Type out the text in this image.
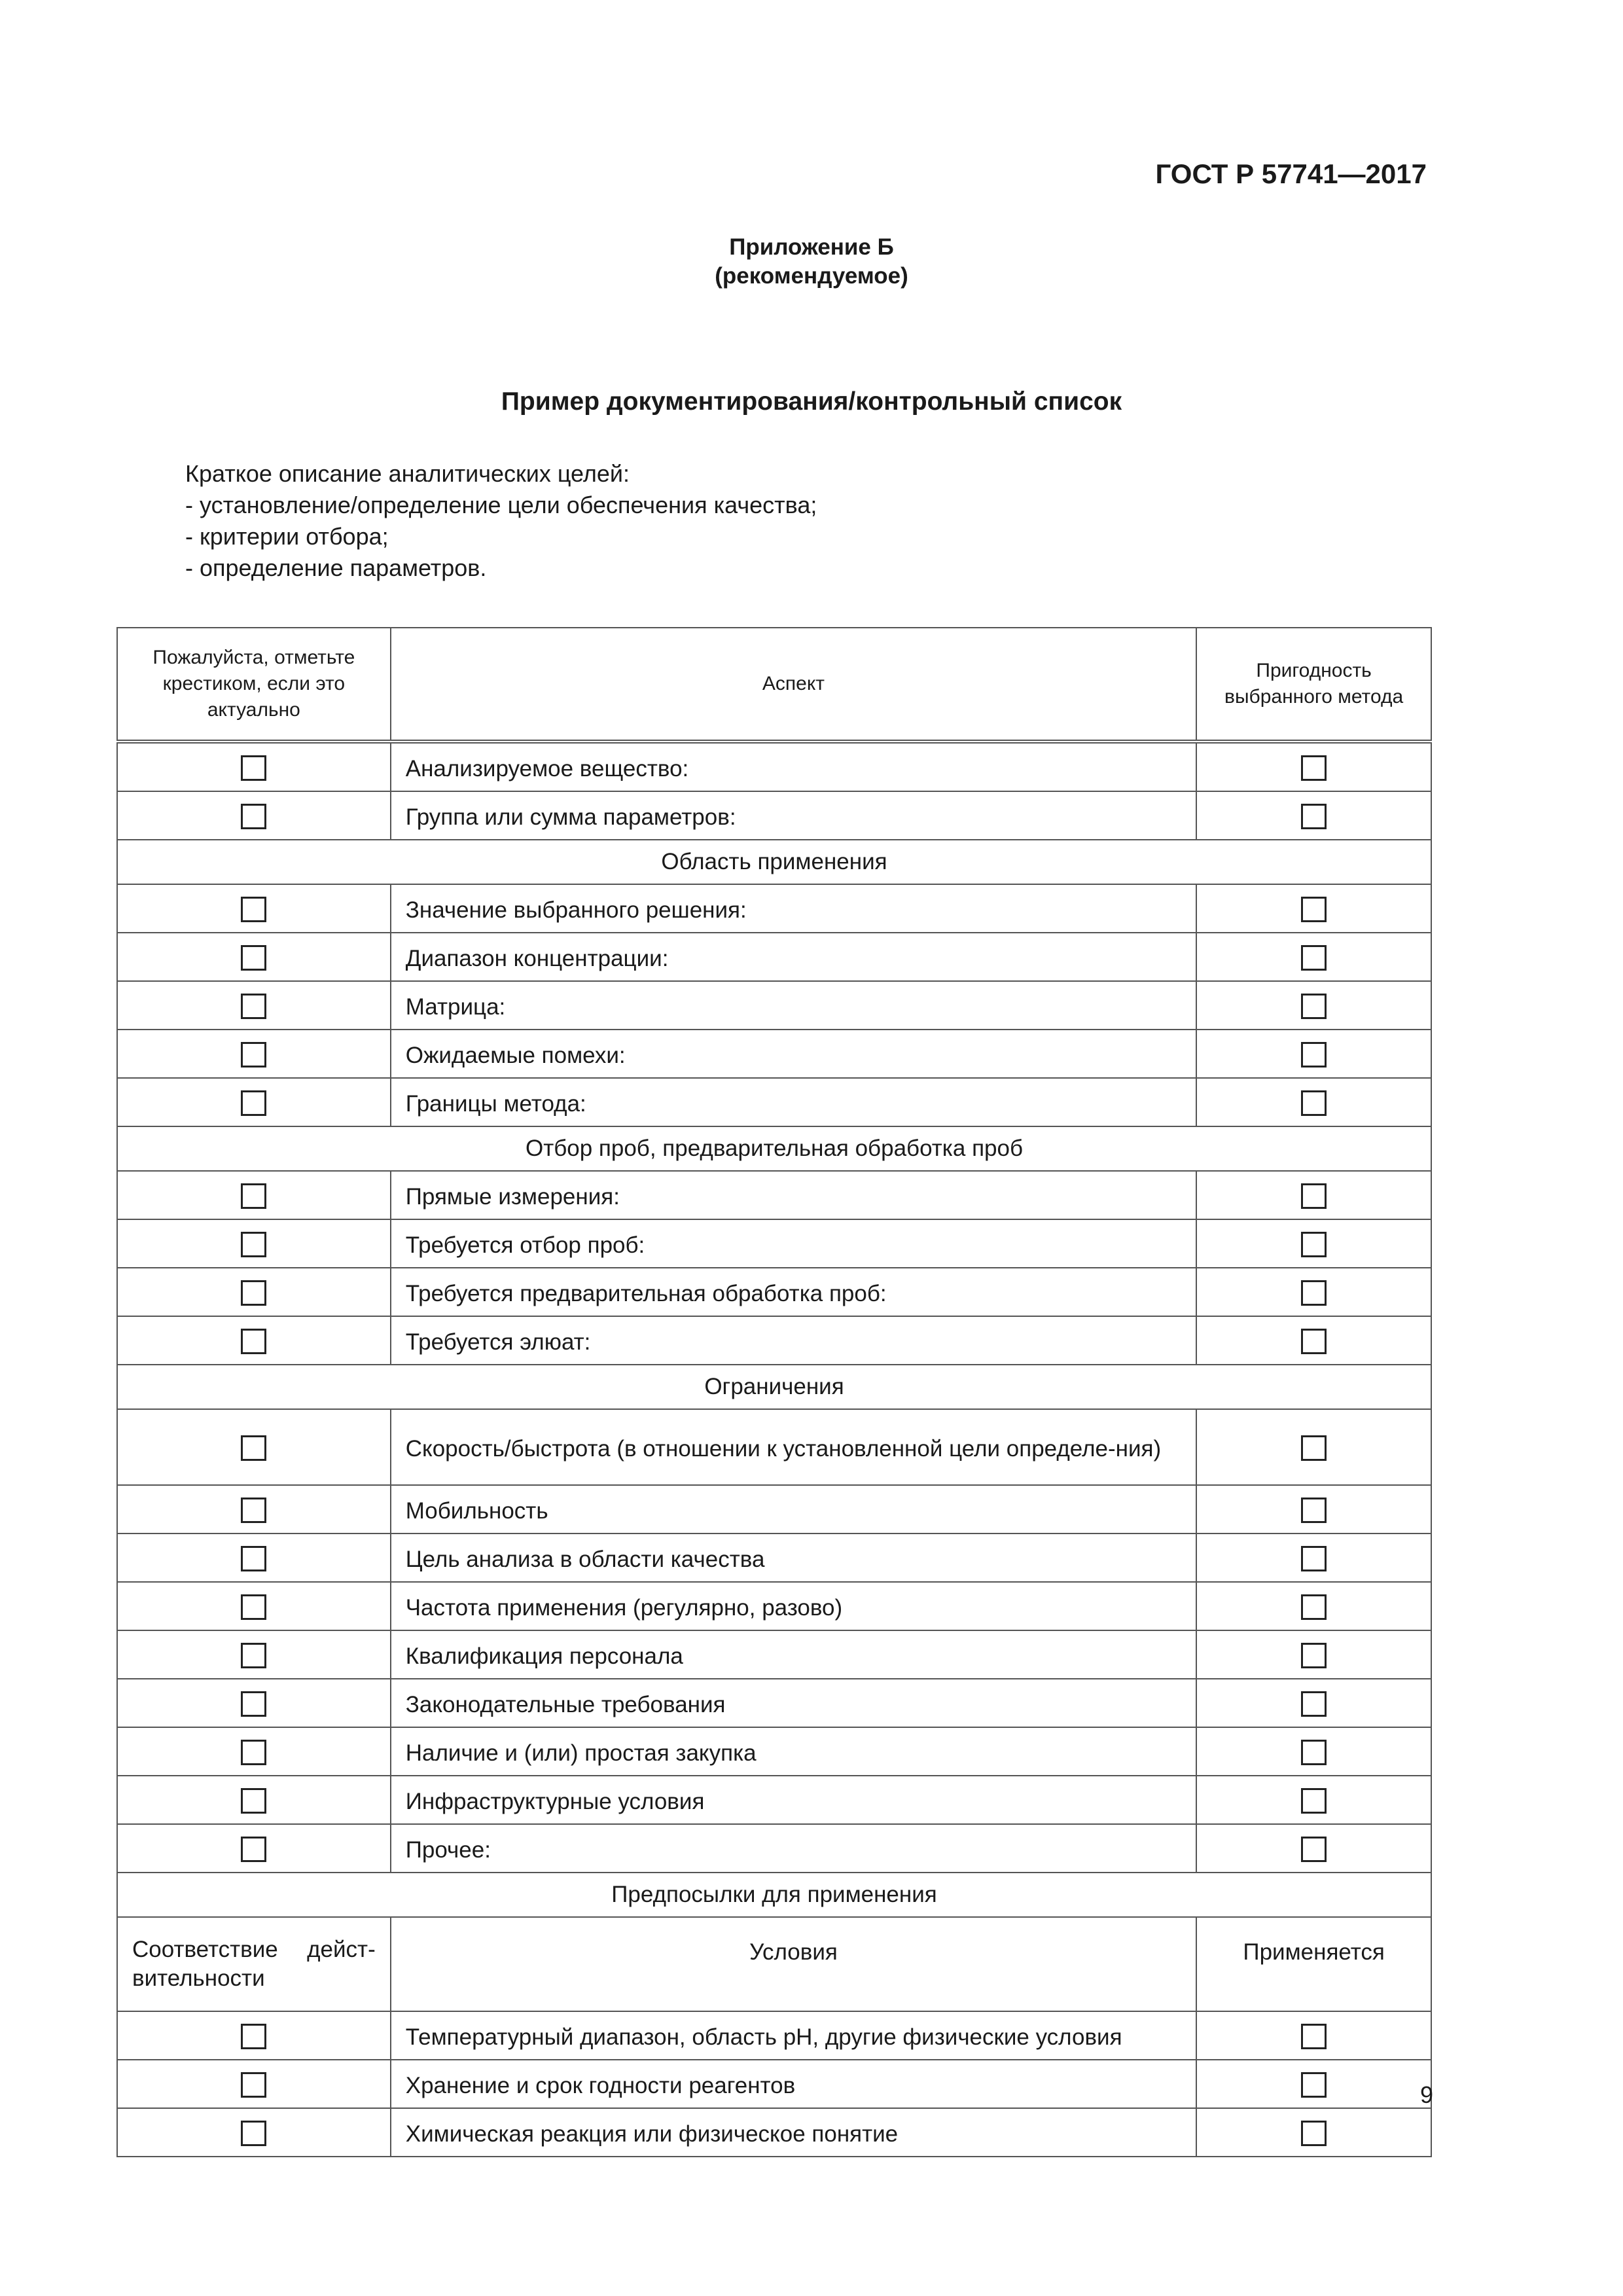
ГОСТ Р 57741—2017
Приложение Б
(рекомендуемое)
Пример документирования/контрольный список
Краткое описание аналитических целей:
- установление/определение цели обеспечения качества;
- критерии отбора;
- определение параметров.
Пожалуйста, отметьте крестиком, если это актуально	Аспект	Пригодность выбранного метода
	Анализируемое вещество:	
	Группа или сумма параметров:	
Область применения		
	Значение выбранного решения:	
	Диапазон концентрации:	
	Матрица:	
	Ожидаемые помехи:	
	Границы метода:	
Отбор проб, предварительная обработка проб		
	Прямые измерения:	
	Требуется отбор проб:	
	Требуется предварительная обработка проб:	
	Требуется элюат:	
Ограничения		
	Скорость/быстрота (в отношении к установленной цели определе-ния)	
	Мобильность	
	Цель анализа в области качества	
	Частота применения (регулярно, разово)	
	Квалификация персонала	
	Законодательные требования	
	Наличие и (или) простая закупка	
	Инфраструктурные условия	
	Прочее:	
Предпосылки для применения		
Соответствие дейст-вительности	Условия	Применяется
	Температурный диапазон, область pH, другие физические условия	
	Хранение и срок годности реагентов	
	Химическая реакция или физическое понятие	
9
